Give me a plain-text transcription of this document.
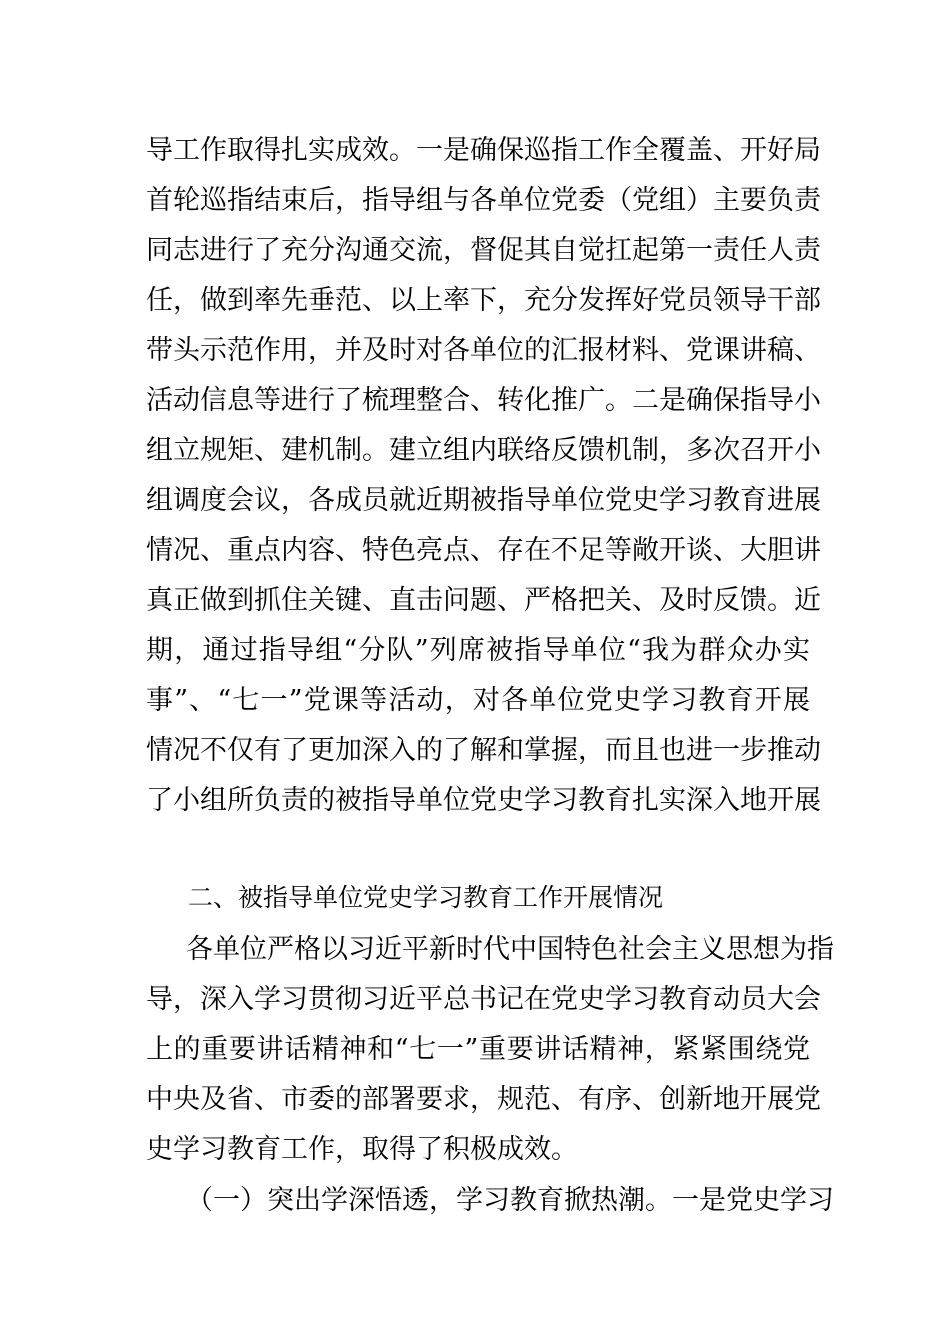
导工作取得扎实成效。一是确保巡指工作全覆盖、开好局
首轮巡指结束后，指导组与各单位党委（党组）主要负责
同志进行了充分沟通交流，督促其自觉扛起第一责任人责
任，做到率先垂范、以上率下，充分发挥好党员领导干部
带头示范作用，并及时对各单位的汇报材料、党课讲稿、
活动信息等进行了梳理整合、转化推广。二是确保指导小
组立规矩、建机制。建立组内联络反馈机制，多次召开小
组调度会议，各成员就近期被指导单位党史学习教育进展
情况、重点内容、特色亮点、存在不足等敞开谈、大胆讲
真正做到抓住关键、直击问题、严格把关、及时反馈。近
期，通过指导组“分队”列席被指导单位“我为群众办实
事”、“七一”党课等活动，对各单位党史学习教育开展
情况不仅有了更加深入的了解和掌握，而且也进一步推动
了小组所负责的被指导单位党史学习教育扎实深入地开展
二、被指导单位党史学习教育工作开展情况
各单位严格以习近平新时代中国特色社会主义思想为指
导，深入学习贯彻习近平总书记在党史学习教育动员大会
上的重要讲话精神和“七一”重要讲话精神，紧紧围绕党
中央及省、市委的部署要求，规范、有序、创新地开展党
史学习教育工作，取得了积极成效。
（一）突出学深悟透，学习教育掀热潮。一是党史学习
